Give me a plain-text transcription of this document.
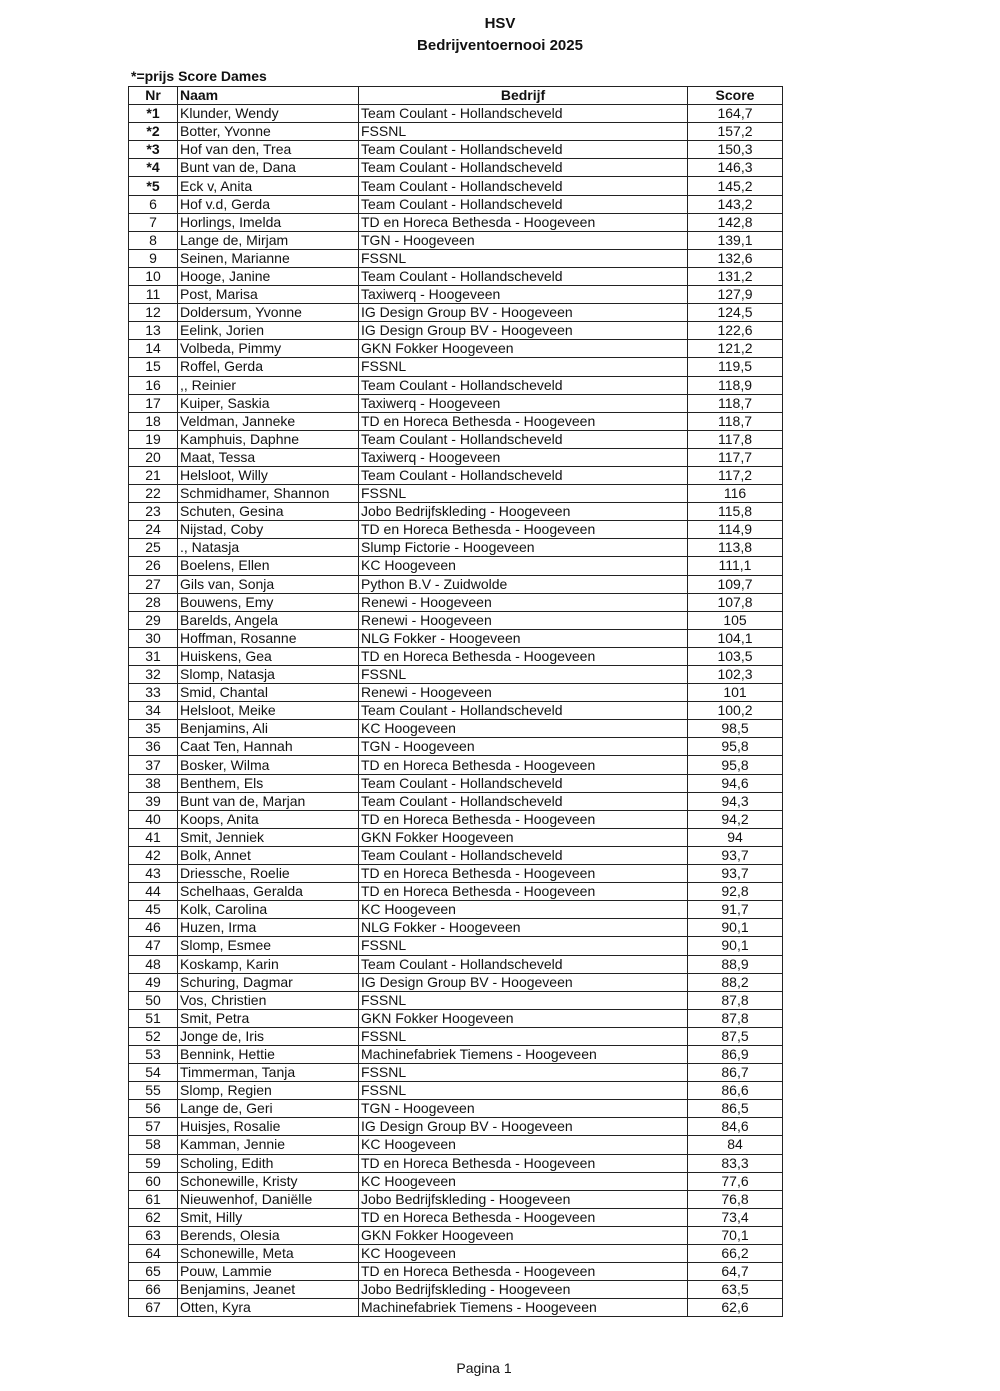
HSV
Bedrijventoernooi 2025
*=prijs Score Dames
Nr	Naam	Bedrijf	Score
*1	Klunder, Wendy	Team Coulant - Hollandscheveld	164,7
*2	Botter, Yvonne	FSSNL	157,2
*3	Hof van den, Trea	Team Coulant - Hollandscheveld	150,3
*4	Bunt van de, Dana	Team Coulant - Hollandscheveld	146,3
*5	Eck v, Anita	Team Coulant - Hollandscheveld	145,2
6	Hof v.d, Gerda	Team Coulant - Hollandscheveld	143,2
7	Horlings, Imelda	TD en Horeca Bethesda - Hoogeveen	142,8
8	Lange de, Mirjam	TGN - Hoogeveen	139,1
9	Seinen, Marianne	FSSNL	132,6
10	Hooge, Janine	Team Coulant - Hollandscheveld	131,2
11	Post, Marisa	Taxiwerq - Hoogeveen	127,9
12	Doldersum, Yvonne	IG Design Group BV - Hoogeveen	124,5
13	Eelink, Jorien	IG Design Group BV - Hoogeveen	122,6
14	Volbeda, Pimmy	GKN Fokker Hoogeveen	121,2
15	Roffel, Gerda	FSSNL	119,5
16	,, Reinier	Team Coulant - Hollandscheveld	118,9
17	Kuiper, Saskia	Taxiwerq - Hoogeveen	118,7
18	Veldman, Janneke	TD en Horeca Bethesda - Hoogeveen	118,7
19	Kamphuis, Daphne	Team Coulant - Hollandscheveld	117,8
20	Maat, Tessa	Taxiwerq - Hoogeveen	117,7
21	Helsloot, Willy	Team Coulant - Hollandscheveld	117,2
22	Schmidhamer, Shannon	FSSNL	116
23	Schuten, Gesina	Jobo Bedrijfskleding - Hoogeveen	115,8
24	Nijstad, Coby	TD en Horeca Bethesda - Hoogeveen	114,9
25	., Natasja	Slump Fictorie - Hoogeveen	113,8
26	Boelens, Ellen	KC Hoogeveen	111,1
27	Gils van, Sonja	Python B.V - Zuidwolde	109,7
28	Bouwens, Emy	Renewi - Hoogeveen	107,8
29	Barelds, Angela	Renewi - Hoogeveen	105
30	Hoffman, Rosanne	NLG Fokker - Hoogeveen	104,1
31	Huiskens, Gea	TD en Horeca Bethesda - Hoogeveen	103,5
32	Slomp, Natasja	FSSNL	102,3
33	Smid, Chantal	Renewi - Hoogeveen	101
34	Helsloot, Meike	Team Coulant - Hollandscheveld	100,2
35	Benjamins, Ali	KC Hoogeveen	98,5
36	Caat Ten, Hannah	TGN - Hoogeveen	95,8
37	Bosker, Wilma	TD en Horeca Bethesda - Hoogeveen	95,8
38	Benthem, Els	Team Coulant - Hollandscheveld	94,6
39	Bunt van de, Marjan	Team Coulant - Hollandscheveld	94,3
40	Koops, Anita	TD en Horeca Bethesda - Hoogeveen	94,2
41	Smit, Jenniek	GKN Fokker Hoogeveen	94
42	Bolk, Annet	Team Coulant - Hollandscheveld	93,7
43	Driessche, Roelie	TD en Horeca Bethesda - Hoogeveen	93,7
44	Schelhaas, Geralda	TD en Horeca Bethesda - Hoogeveen	92,8
45	Kolk, Carolina	KC Hoogeveen	91,7
46	Huzen, Irma	NLG Fokker - Hoogeveen	90,1
47	Slomp, Esmee	FSSNL	90,1
48	Koskamp, Karin	Team Coulant - Hollandscheveld	88,9
49	Schuring, Dagmar	IG Design Group BV - Hoogeveen	88,2
50	Vos, Christien	FSSNL	87,8
51	Smit, Petra	GKN Fokker Hoogeveen	87,8
52	Jonge de, Iris	FSSNL	87,5
53	Bennink, Hettie	Machinefabriek Tiemens - Hoogeveen	86,9
54	Timmerman, Tanja	FSSNL	86,7
55	Slomp, Regien	FSSNL	86,6
56	Lange de, Geri	TGN - Hoogeveen	86,5
57	Huisjes, Rosalie	IG Design Group BV - Hoogeveen	84,6
58	Kamman, Jennie	KC Hoogeveen	84
59	Scholing, Edith	TD en Horeca Bethesda - Hoogeveen	83,3
60	Schonewille, Kristy	KC Hoogeveen	77,6
61	Nieuwenhof, Daniëlle	Jobo Bedrijfskleding - Hoogeveen	76,8
62	Smit, Hilly	TD en Horeca Bethesda - Hoogeveen	73,4
63	Berends, Olesia	GKN Fokker Hoogeveen	70,1
64	Schonewille, Meta	KC Hoogeveen	66,2
65	Pouw, Lammie	TD en Horeca Bethesda - Hoogeveen	64,7
66	Benjamins, Jeanet	Jobo Bedrijfskleding - Hoogeveen	63,5
67	Otten, Kyra	Machinefabriek Tiemens - Hoogeveen	62,6
Pagina 1
